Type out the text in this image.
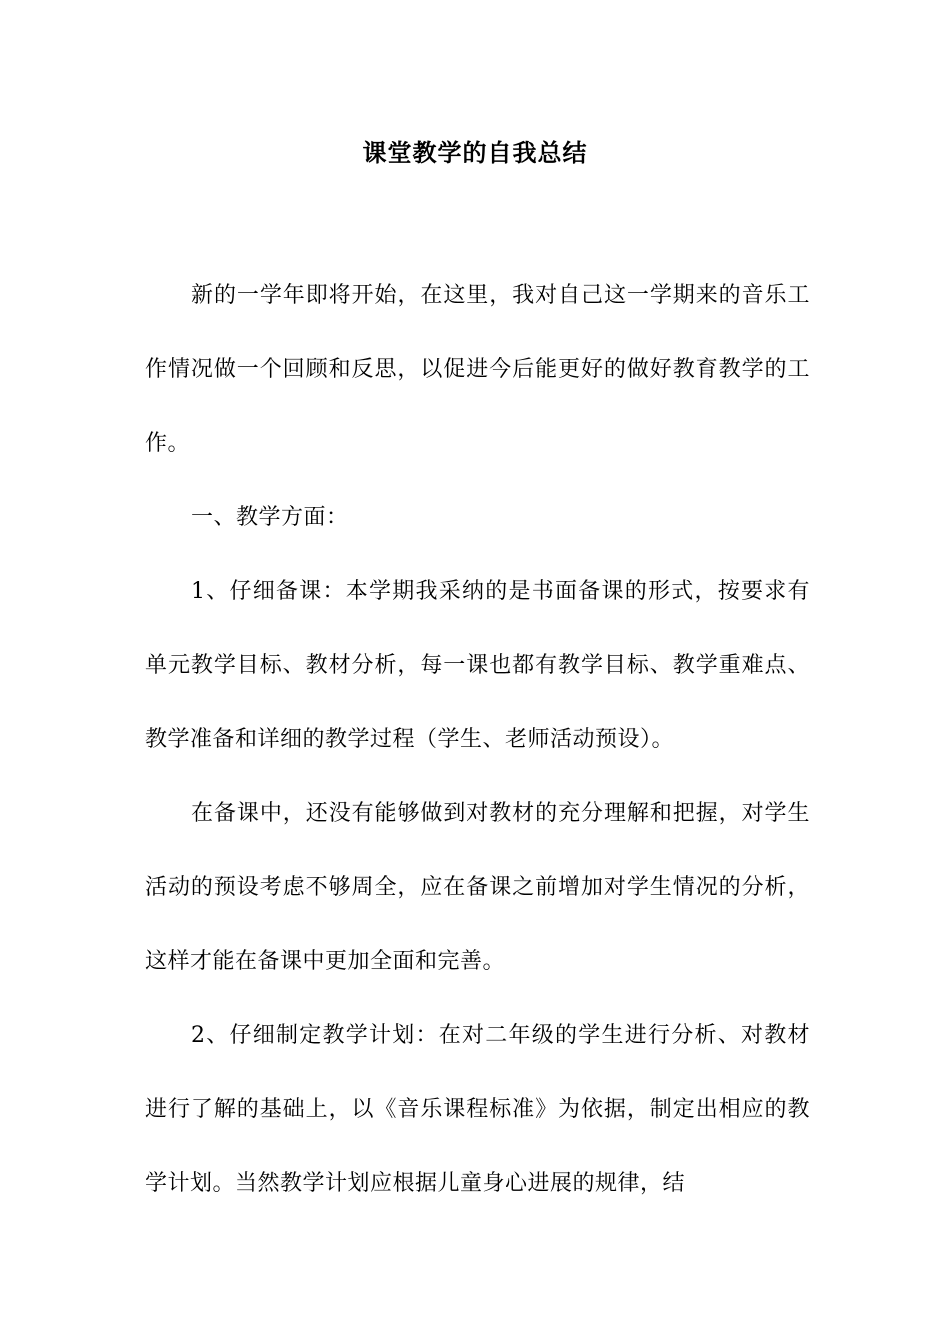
课堂教学的自我总结

新的一学年即将开始，在这里，我对自己这一学期来的音乐工作情况做一个回顾和反思，以促进今后能更好的做好教育教学的工作。

一、教学方面：

1、仔细备课：本学期我采纳的是书面备课的形式，按要求有单元教学目标、教材分析，每一课也都有教学目标、教学重难点、教学准备和详细的教学过程（学生、老师活动预设）。

在备课中，还没有能够做到对教材的充分理解和把握，对学生活动的预设考虑不够周全，应在备课之前增加对学生情况的分析，这样才能在备课中更加全面和完善。

2、仔细制定教学计划：在对二年级的学生进行分析、对教材进行了解的基础上，以《音乐课程标准》为依据，制定出相应的教学计划。当然教学计划应根据儿童身心进展的规律，结
